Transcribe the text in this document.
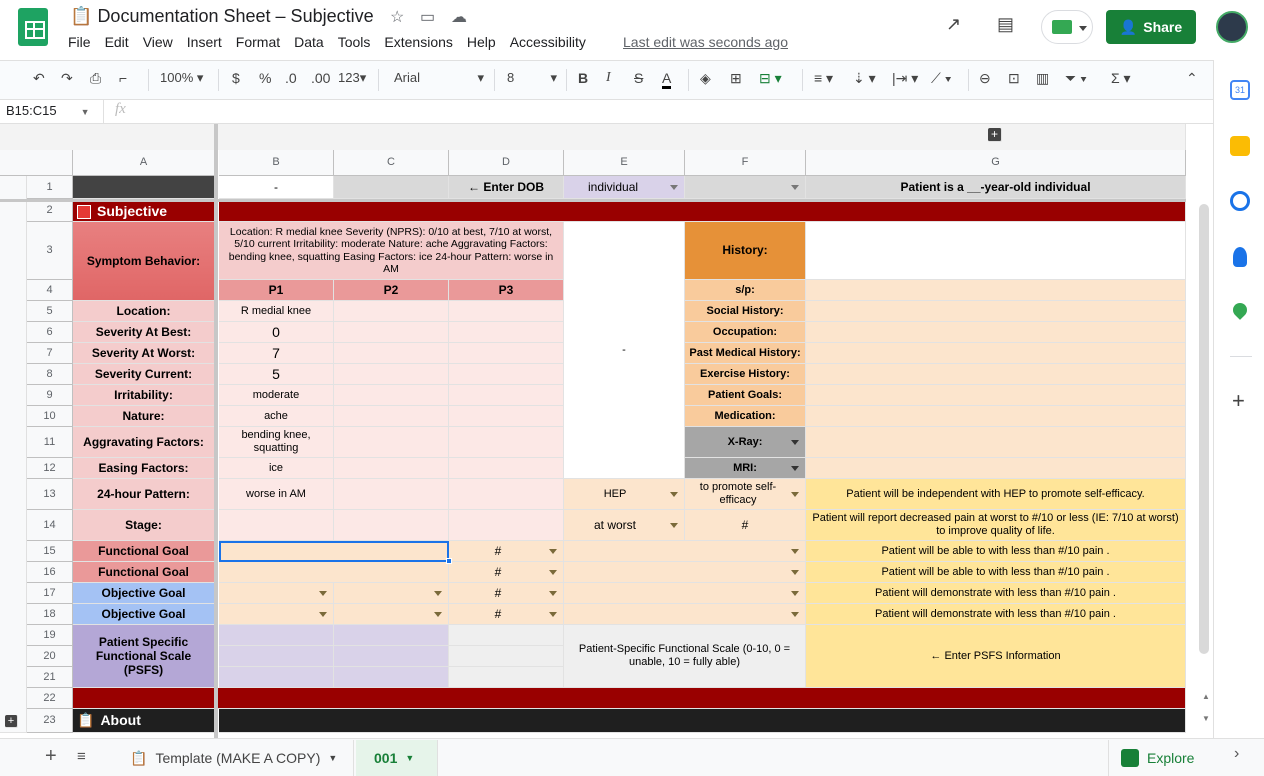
📋 Documentation Sheet – Subjective ☆ ▭ ☁
File	Edit	View	Insert	Format	Data	Tools	Extensions	Help	Accessibility	Last edit was seconds ago
↗ ▤	👤 Share
↶ ↷ ⎙ ⌐	100% ▾ $ % .0 .00 123▾ Arial	▾ 8	▾ B I S A ◈ ⊞ ⊟ ▾ ≡ ▾ ⇣ ▾ |⇥ ▾ ⟋ ▾ ⊖ ⊡ ▥ ⏷ ▾ Σ ▾	⌃
B15:C15	▼ fx
+
A	B	C	D	E	F	G
1
2
3
4
5
6
7
8
9
10
11
12
13
14
15
16
17
18
19
20
21
22
23
+
-	← Enter DOB	individual	Patient is a __-year-old individual
Subjective
Symptom Behavior:
Location: R medial knee Severity (NPRS): 0/10 at best, 7/10 at worst, 5/10 current Irritability: moderate Nature: ache Aggravating Factors: bending knee, squatting Easing Factors: ice 24-hour Pattern: worse in AM
P1	P2	P3
-
History:
Location:	R medial knee
Severity At Best:	0
Severity At Worst:	7
Severity Current:	5
Irritability:	moderate
Nature:	ache
Aggravating Factors:	bending knee, squatting
Easing Factors:	ice
24-hour Pattern:	worse in AM
Stage:
s/p:
Social History:
Occupation:
Past Medical History:
Exercise History:
Patient Goals:
Medication:
X-Ray:
MRI:
HEP
to promote self-efficacy
Patient will be independent with HEP to promote self-efficacy.
at worst	#	Patient will report decreased pain at worst to #/10 or less (IE: 7/10 at worst) to improve quality of life.
Functional Goal	#	Patient will be able to with less than #/10 pain .
Functional Goal	#	Patient will be able to with less than #/10 pain .
Objective Goal	#	Patient will demonstrate with less than #/10 pain .
Objective Goal	#	Patient will demonstrate with less than #/10 pain .
Patient Specific Functional Scale (PSFS)
Patient-Specific Functional Scale (0-10, 0 = unable, 10 = fully able)
← Enter PSFS Information
📋 About
▲
▼
31
+
+ ≡	📋 Template (MAKE A COPY) ▼	001 ▼	Explore ›
